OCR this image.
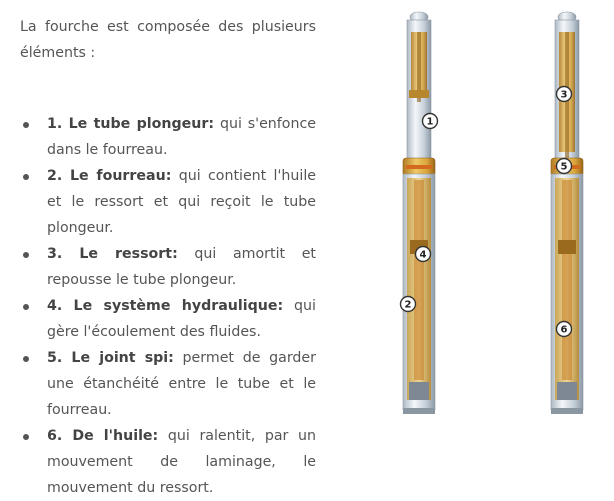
La fourche est composée des plusieurs éléments :

1. Le tube plongeur: qui s'enfonce dans le fourreau.
2. Le fourreau: qui contient l'huile et le ressort et qui reçoit le tube plongeur.
3. Le ressort: qui amortit et repousse le tube plongeur.
4. Le système hydraulique: qui gère l'écoulement des fluides.
5. Le joint spi: permet de garder une étanchéité entre le tube et le fourreau.
6. De l'huile: qui ralentit, par un mouvement de laminage, le mouvement du ressort.
1
4
2
3
5
6
